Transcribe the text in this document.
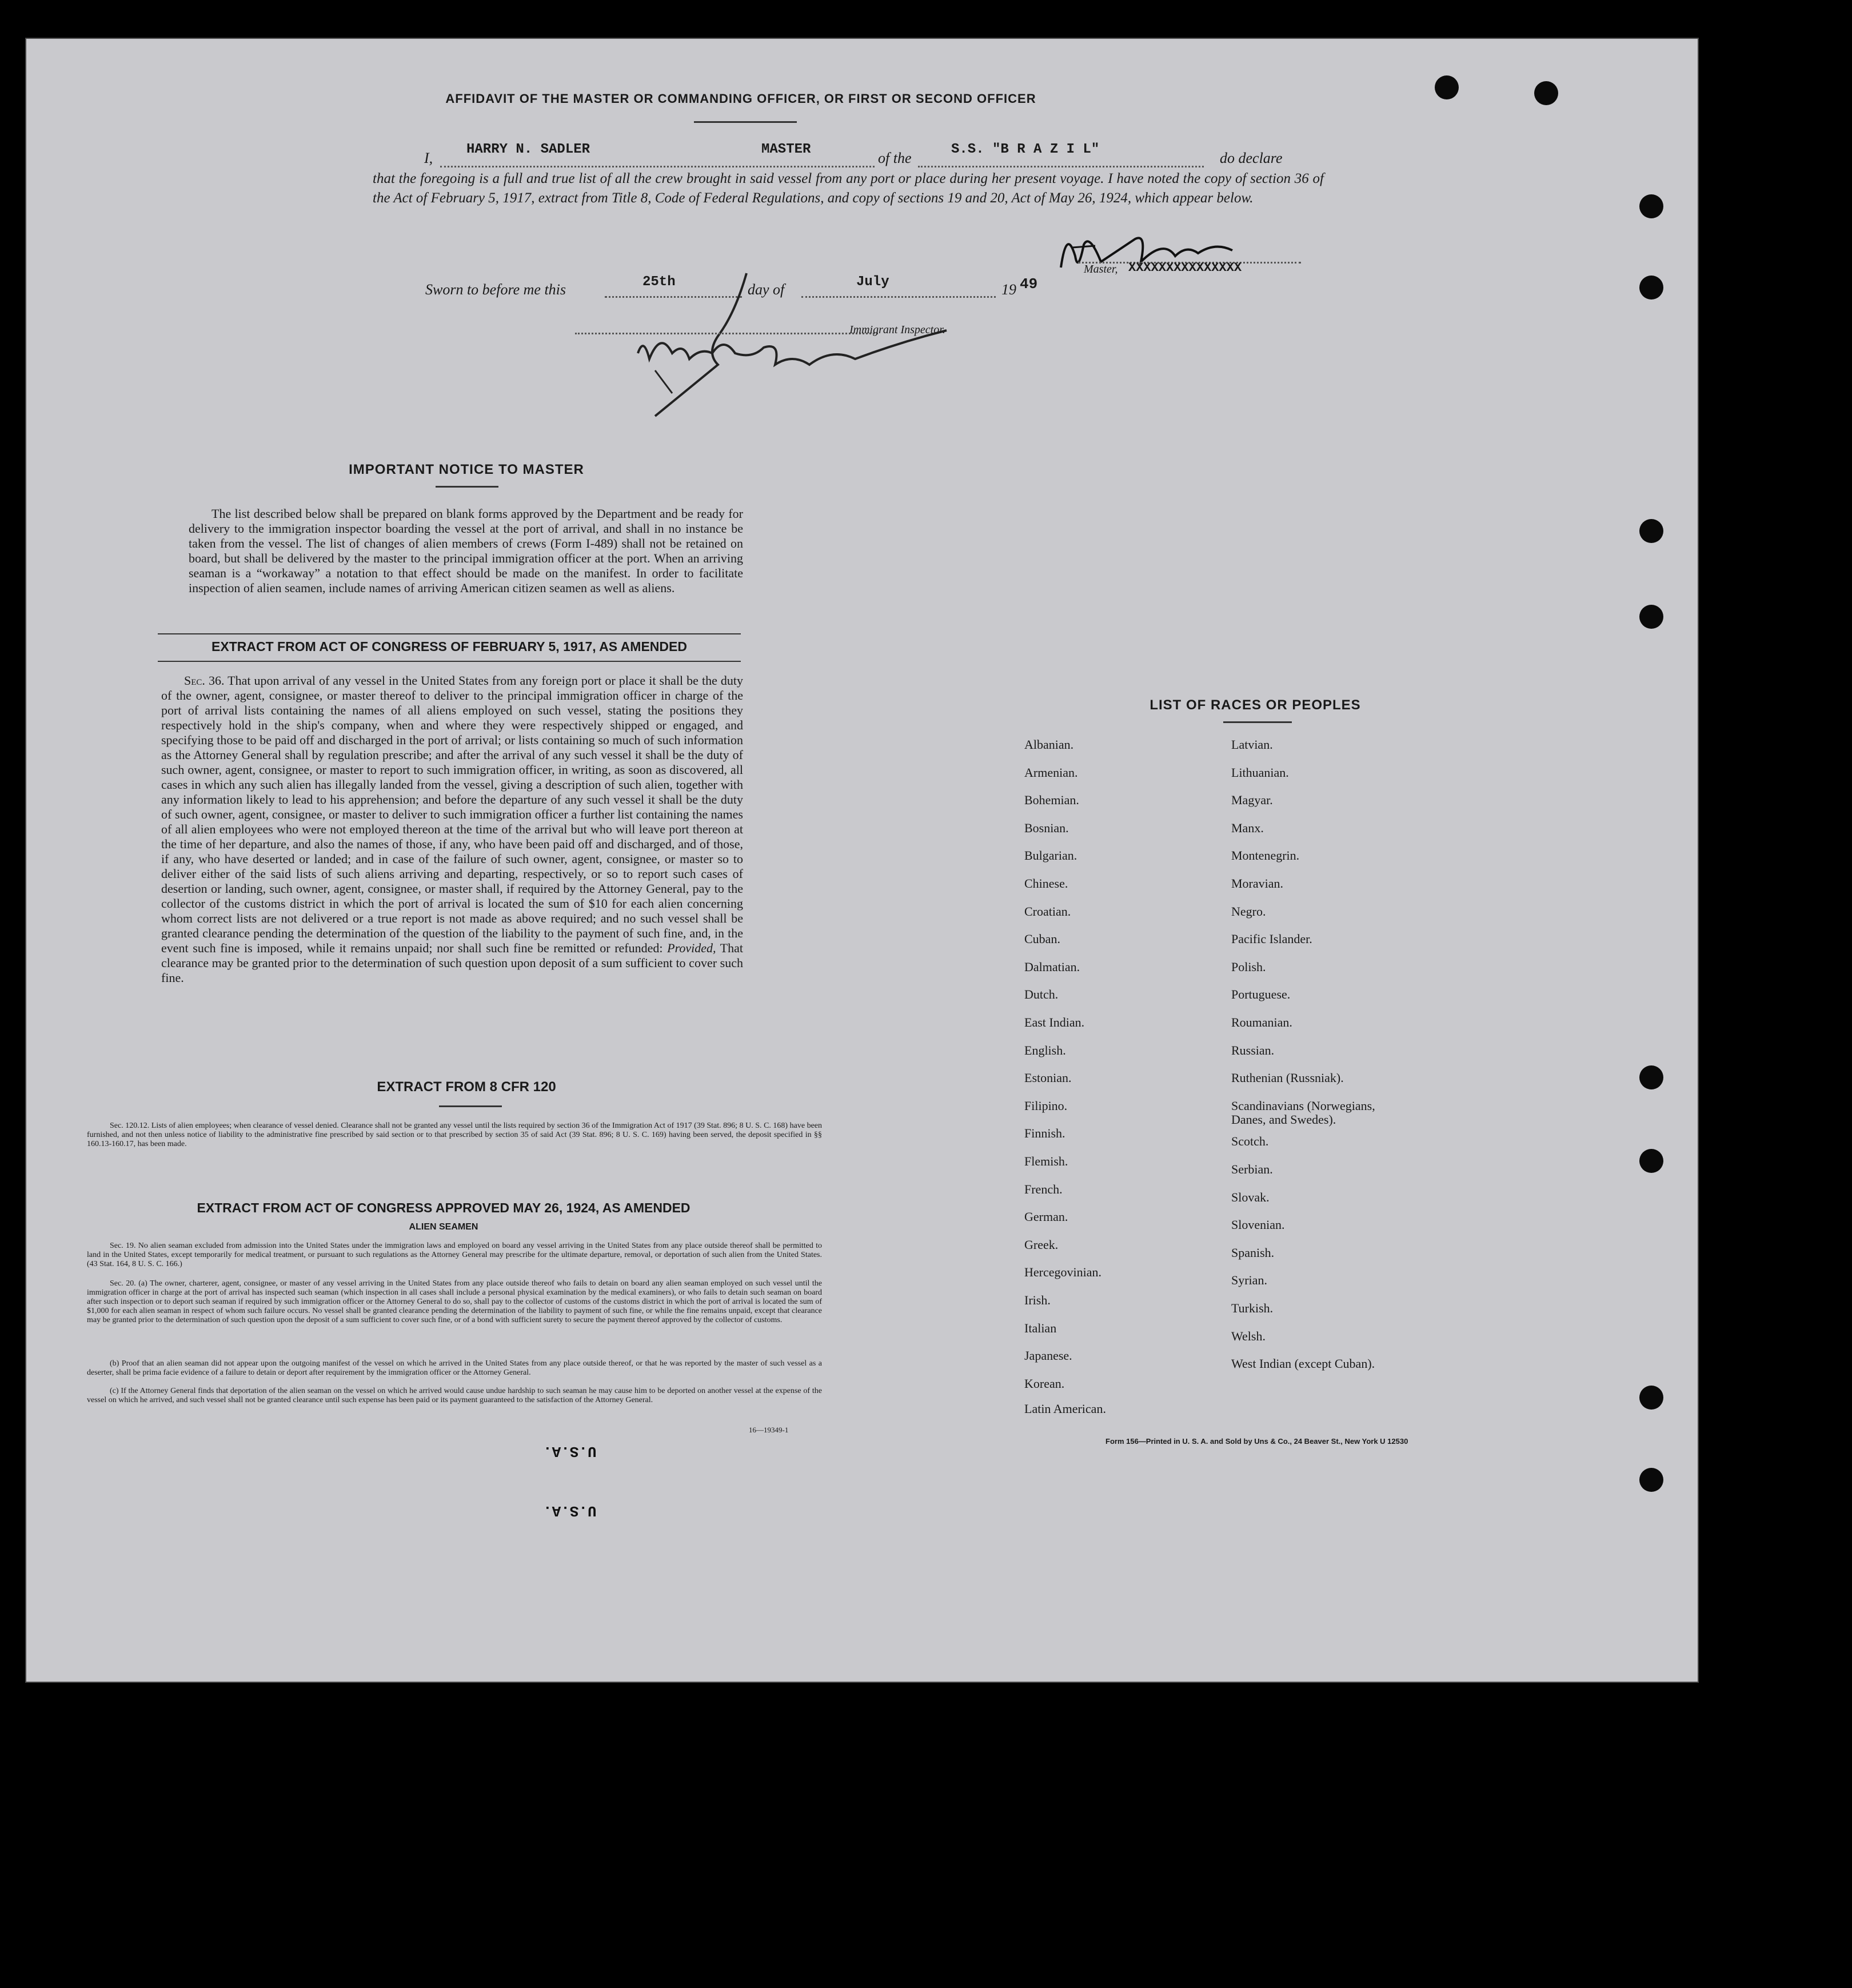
AFFIDAVIT OF THE MASTER OR COMMANDING OFFICER, OR FIRST OR SECOND OFFICER
I,
HARRY N. SADLER	MASTER
of the
S.S. "B R A Z I L"
do declare
that the foregoing is a full and true list of all the crew brought in said vessel from any port or place during her present voyage. I have noted the copy of section 36 of the Act of February 5, 1917, extract from Title 8, Code of Federal Regulations, and copy of sections 19 and 20, Act of May 26, 1924, which appear below.
Master, XXXXXXXXXXXXXXX
Sworn to before me this	25th	day of	July	19 49
Immigrant Inspector.
IMPORTANT NOTICE TO MASTER
The list described below shall be prepared on blank forms approved by the Department and be ready for delivery to the immigration inspector boarding the vessel at the port of arrival, and shall in no instance be taken from the vessel. The list of changes of alien members of crews (Form I-489) shall not be retained on board, but shall be delivered by the master to the principal immigration officer at the port. When an arriving seaman is a “workaway” a notation to that effect should be made on the manifest. In order to facilitate inspection of alien seamen, include names of arriving American citizen seamen as well as aliens.
EXTRACT FROM ACT OF CONGRESS OF FEBRUARY 5, 1917, AS AMENDED
Sec. 36. That upon arrival of any vessel in the United States from any foreign port or place it shall be the duty of the owner, agent, consignee, or master thereof to deliver to the principal immigration officer in charge of the port of arrival lists containing the names of all aliens employed on such vessel, stating the positions they respectively hold in the ship's company, when and where they were respectively shipped or engaged, and specifying those to be paid off and discharged in the port of arrival; or lists containing so much of such information as the Attorney General shall by regulation prescribe; and after the arrival of any such vessel it shall be the duty of such owner, agent, consignee, or master to report to such immigration officer, in writing, as soon as discovered, all cases in which any such alien has illegally landed from the vessel, giving a description of such alien, together with any information likely to lead to his apprehension; and before the departure of any such vessel it shall be the duty of such owner, agent, consignee, or master to deliver to such immigration officer a further list containing the names of all alien employees who were not employed thereon at the time of the arrival but who will leave port thereon at the time of her departure, and also the names of those, if any, who have been paid off and discharged, and of those, if any, who have deserted or landed; and in case of the failure of such owner, agent, consignee, or master so to deliver either of the said lists of such aliens arriving and departing, respectively, or so to report such cases of desertion or landing, such owner, agent, consignee, or master shall, if required by the Attorney General, pay to the collector of the customs district in which the port of arrival is located the sum of $10 for each alien concerning whom correct lists are not delivered or a true report is not made as above required; and no such vessel shall be granted clearance pending the determination of the question of the liability to the payment of such fine, and, in the event such fine is imposed, while it remains unpaid; nor shall such fine be remitted or refunded: Provided, That clearance may be granted prior to the determination of such question upon deposit of a sum sufficient to cover such fine.
EXTRACT FROM 8 CFR 120
Sec. 120.12. Lists of alien employees; when clearance of vessel denied. Clearance shall not be granted any vessel until the lists required by section 36 of the Immigration Act of 1917 (39 Stat. 896; 8 U. S. C. 168) have been furnished, and not then unless notice of liability to the administrative fine prescribed by said section or to that prescribed by section 35 of said Act (39 Stat. 896; 8 U. S. C. 169) having been served, the deposit specified in §§ 160.13-160.17, has been made.
EXTRACT FROM ACT OF CONGRESS APPROVED MAY 26, 1924, AS AMENDED
ALIEN SEAMEN
Sec. 19. No alien seaman excluded from admission into the United States under the immigration laws and employed on board any vessel arriving in the United States from any place outside thereof shall be permitted to land in the United States, except temporarily for medical treatment, or pursuant to such regulations as the Attorney General may prescribe for the ultimate departure, removal, or deportation of such alien from the United States. (43 Stat. 164, 8 U. S. C. 166.)
Sec. 20. (a) The owner, charterer, agent, consignee, or master of any vessel arriving in the United States from any place outside thereof who fails to detain on board any alien seaman employed on such vessel until the immigration officer in charge at the port of arrival has inspected such seaman (which inspection in all cases shall include a personal physical examination by the medical examiners), or who fails to detain such seaman on board after such inspection or to deport such seaman if required by such immigration officer or the Attorney General to do so, shall pay to the collector of customs of the customs district in which the port of arrival is located the sum of $1,000 for each alien seaman in respect of whom such failure occurs. No vessel shall be granted clearance pending the determination of the liability to payment of such fine, or while the fine remains unpaid, except that clearance may be granted prior to the determination of such question upon the deposit of a sum sufficient to cover such fine, or of a bond with sufficient surety to secure the payment thereof approved by the collector of customs.
(b) Proof that an alien seaman did not appear upon the outgoing manifest of the vessel on which he arrived in the United States from any place outside thereof, or that he was reported by the master of such vessel as a deserter, shall be prima facie evidence of a failure to detain or deport after requirement by the immigration officer or the Attorney General.
(c) If the Attorney General finds that deportation of the alien seaman on the vessel on which he arrived would cause undue hardship to such seaman he may cause him to be deported on another vessel at the expense of the vessel on which he arrived, and such vessel shall not be granted clearance until such expense has been paid or its payment guaranteed to the satisfaction of the Attorney General.
16—19349-1
U.S.A.
U.S.A.
LIST OF RACES OR PEOPLES
Albanian.
Armenian.
Bohemian.
Bosnian.
Bulgarian.
Chinese.
Croatian.
Cuban.
Dalmatian.
Dutch.
East Indian.
English.
Estonian.
Filipino.
Finnish.
Flemish.
French.
German.
Greek.
Hercegovinian.
Irish.
Italian
Japanese.
Korean.
Latin American.
Latvian.
Lithuanian.
Magyar.
Manx.
Montenegrin.
Moravian.
Negro.
Pacific Islander.
Polish.
Portuguese.
Roumanian.
Russian.
Ruthenian (Russniak).
Scandinavians (Norwegians,
Danes, and Swedes).
Scotch.
Serbian.
Slovak.
Slovenian.
Spanish.
Syrian.
Turkish.
Welsh.
West Indian (except Cuban).
Form 156—Printed in U. S. A. and Sold by Uns & Co., 24 Beaver St., New York U 12530
